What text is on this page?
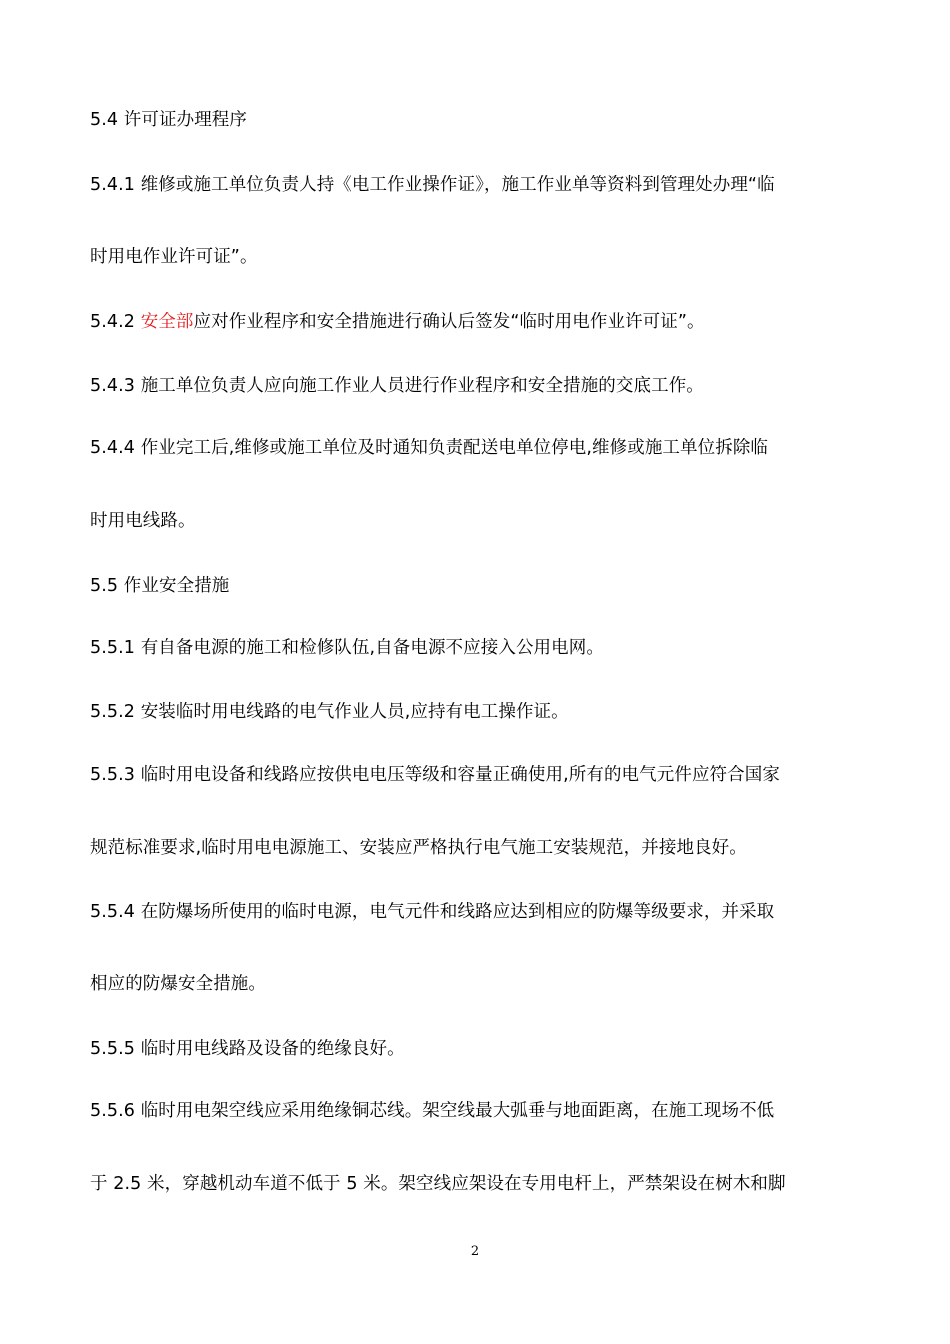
5.4 许可证办理程序
5.4.1 维修或施工单位负责人持《电工作业操作证》，施工作业单等资料到管理处办理“临
时用电作业许可证”。
5.4.2 安全部应对作业程序和安全措施进行确认后签发“临时用电作业许可证”。
5.4.3 施工单位负责人应向施工作业人员进行作业程序和安全措施的交底工作。
5.4.4 作业完工后,维修或施工单位及时通知负责配送电单位停电,维修或施工单位拆除临
时用电线路。
5.5 作业安全措施
5.5.1 有自备电源的施工和检修队伍,自备电源不应接入公用电网。
5.5.2 安装临时用电线路的电气作业人员,应持有电工操作证。
5.5.3 临时用电设备和线路应按供电电压等级和容量正确使用,所有的电气元件应符合国家
规范标准要求,临时用电电源施工、安装应严格执行电气施工安装规范，并接地良好。
5.5.4 在防爆场所使用的临时电源，电气元件和线路应达到相应的防爆等级要求，并采取
相应的防爆安全措施。
5.5.5 临时用电线路及设备的绝缘良好。
5.5.6 临时用电架空线应采用绝缘铜芯线。架空线最大弧垂与地面距离，在施工现场不低
于 2.5 米，穿越机动车道不低于 5 米。架空线应架设在专用电杆上，严禁架设在树木和脚
2
